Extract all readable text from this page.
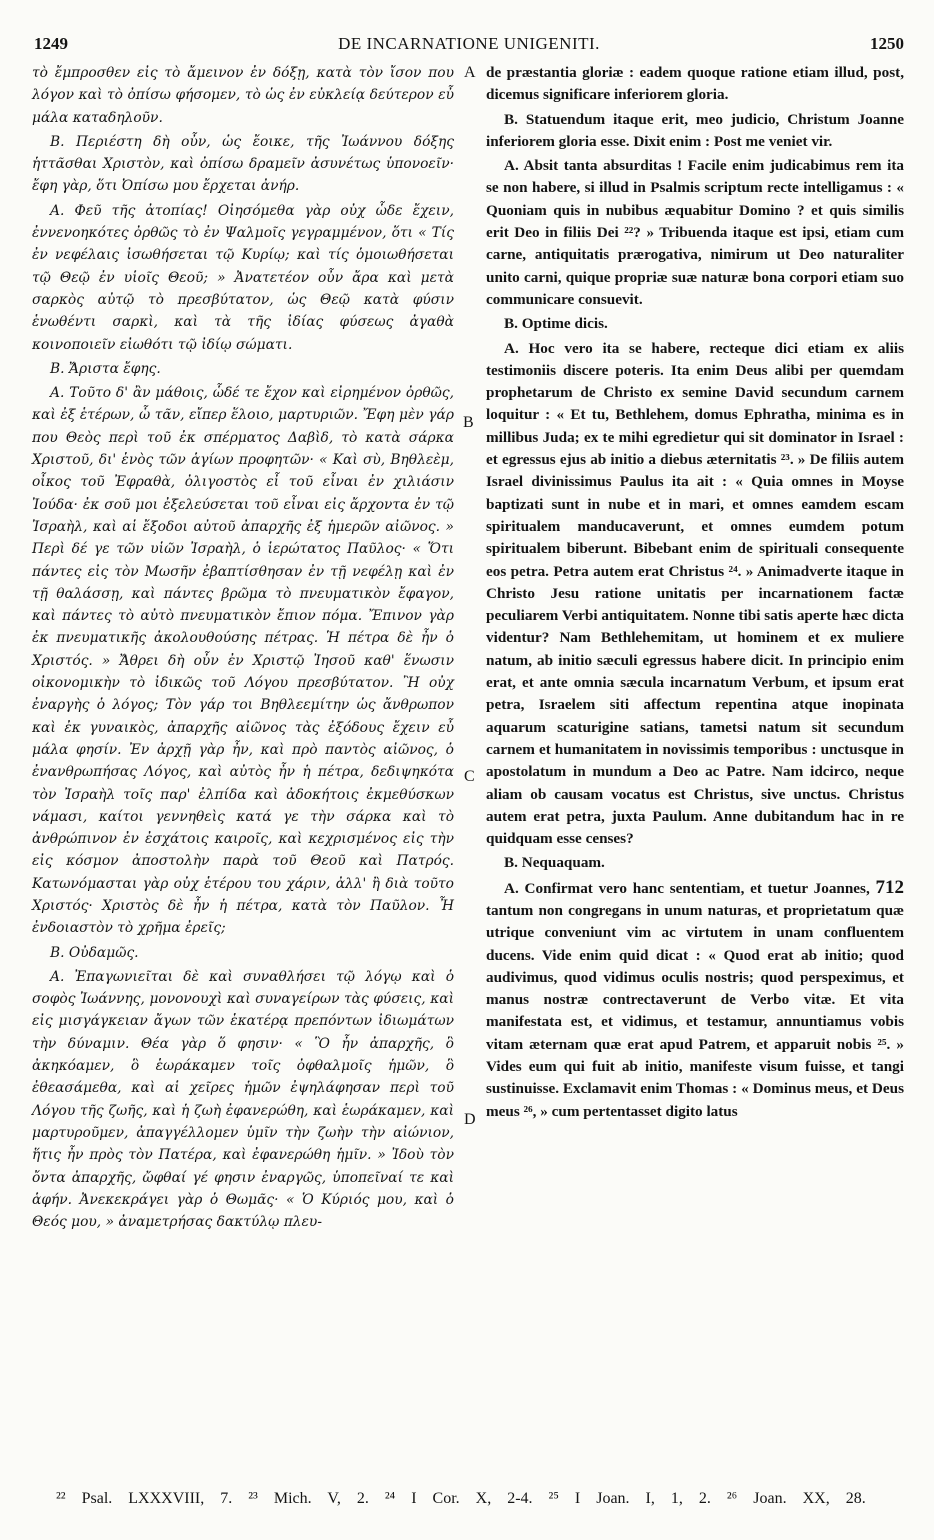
1249	DE INCARNATIONE UNIGENITI.	1250

τὸ ἔμπροσθεν εἰς τὸ ἄμεινον ἐν δόξῃ, κατὰ τὸν ἴσον που λόγον καὶ τὸ ὀπίσω φήσομεν, τὸ ὡς ἐν εὐκλείᾳ δεύτερον εὖ μάλα καταδηλοῦν.

Β. Περιέστη δὴ οὖν, ὡς ἔοικε, τῆς Ἰωάννου δόξης ἡττᾶσθαι Χριστὸν, καὶ ὀπίσω δραμεῖν ἀσυνέτως ὑπονοεῖν· ἔφη γὰρ, ὅτι Ὀπίσω μου ἔρχεται ἀνήρ.

Α. Φεῦ τῆς ἀτοπίας! Οἰησόμεθα γὰρ οὐχ ὧδε ἔχειν, ἐννενοηκότες ὀρθῶς τὸ ἐν Ψαλμοῖς γεγραμμένον, ὅτι « Τίς ἐν νεφέλαις ἰσωθήσεται τῷ Κυρίῳ; καὶ τίς ὁμοιωθήσεται τῷ Θεῷ ἐν υἱοῖς Θεοῦ; » Ἀνατετέον οὖν ἄρα καὶ μετὰ σαρκὸς αὐτῷ τὸ πρεσβύτατον, ὡς Θεῷ κατὰ φύσιν ἑνωθέντι σαρκὶ, καὶ τὰ τῆς ἰδίας φύσεως ἀγαθὰ κοινοποιεῖν εἰωθότι τῷ ἰδίῳ σώματι.

Β. Ἄριστα ἔφης.

Α. Τοῦτο δ' ἂν μάθοις, ὧδέ τε ἔχον καὶ εἰρημένον ὀρθῶς, καὶ ἐξ ἑτέρων, ὧ τᾶν, εἴπερ ἕλοιο, μαρτυριῶν. Ἔφη μὲν γάρ που Θεὸς περὶ τοῦ ἐκ σπέρματος Δαβὶδ, τὸ κατὰ σάρκα Χριστοῦ, δι' ἑνὸς τῶν ἁγίων προφητῶν· « Καὶ σὺ, Βηθλεὲμ, οἶκος τοῦ Ἐφραθὰ, ὀλιγοστὸς εἶ τοῦ εἶναι ἐν χιλιάσιν Ἰούδα· ἐκ σοῦ μοι ἐξελεύσεται τοῦ εἶναι εἰς ἄρχοντα ἐν τῷ Ἰσραὴλ, καὶ αἱ ἔξοδοι αὐτοῦ ἀπαρχῆς ἐξ ἡμερῶν αἰῶνος. » Περὶ δέ γε τῶν υἱῶν Ἰσραὴλ, ὁ ἱερώτατος Παῦλος· « Ὅτι πάντες εἰς τὸν Μωσῆν ἐβαπτίσθησαν ἐν τῇ νεφέλῃ καὶ ἐν τῇ θαλάσσῃ, καὶ πάντες βρῶμα τὸ πνευματικὸν ἔφαγον, καὶ πάντες τὸ αὐτὸ πνευματικὸν ἔπιον πόμα. Ἔπινον γὰρ ἐκ πνευματικῆς ἀκολουθούσης πέτρας. Ἡ πέτρα δὲ ἦν ὁ Χριστός. » Ἄθρει δὴ οὖν ἐν Χριστῷ Ἰησοῦ καθ' ἕνωσιν οἰκονομικὴν τὸ ἰδικῶς τοῦ Λόγου πρεσβύτατον. Ἢ οὐχ ἐναργὴς ὁ λόγος; Τὸν γάρ τοι Βηθλεεμίτην ὡς ἄνθρωπον καὶ ἐκ γυναικὸς, ἀπαρχῆς αἰῶνος τὰς ἐξόδους ἔχειν εὖ μάλα φησίν. Ἐν ἀρχῇ γὰρ ἦν, καὶ πρὸ παντὸς αἰῶνος, ὁ ἐνανθρωπήσας Λόγος, καὶ αὐτὸς ἦν ἡ πέτρα, δεδιψηκότα τὸν Ἰσραὴλ τοῖς παρ' ἐλπίδα καὶ ἀδοκήτοις ἐκμεθύσκων νάμασι, καίτοι γεννηθεὶς κατά γε τὴν σάρκα καὶ τὸ ἀνθρώπινον ἐν ἐσχάτοις καιροῖς, καὶ κεχρισμένος εἰς τὴν εἰς κόσμον ἀποστολὴν παρὰ τοῦ Θεοῦ καὶ Πατρός. Κατωνόμασται γὰρ οὐχ ἑτέρου του χάριν, ἀλλ' ἢ διὰ τοῦτο Χριστός· Χριστὸς δὲ ἦν ἡ πέτρα, κατὰ τὸν Παῦλον. Ἦ ἐνδοιαστὸν τὸ χρῆμα ἐρεῖς;

Β. Οὐδαμῶς.

Α. Ἐπαγωνιεῖται δὲ καὶ συναθλήσει τῷ λόγῳ καὶ ὁ σοφὸς Ἰωάννης, μονονουχὶ καὶ συναγείρων τὰς φύσεις, καὶ εἰς μισγάγκειαν ἄγων τῶν ἑκατέρᾳ πρεπόντων ἰδιωμάτων τὴν δύναμιν. Θέα γὰρ ὅ φησιν· « Ὃ ἦν ἀπαρχῆς, ὃ ἀκηκόαμεν, ὃ ἑωράκαμεν τοῖς ὀφθαλμοῖς ἡμῶν, ὃ ἐθεασάμεθα, καὶ αἱ χεῖρες ἡμῶν ἐψηλάφησαν περὶ τοῦ Λόγου τῆς ζωῆς, καὶ ἡ ζωὴ ἐφανερώθη, καὶ ἑωράκαμεν, καὶ μαρτυροῦμεν, ἀπαγγέλλομεν ὑμῖν τὴν ζωὴν τὴν αἰώνιον, ἥτις ἦν πρὸς τὸν Πατέρα, καὶ ἐφανερώθη ἡμῖν. » Ἰδοὺ τὸν ὄντα ἀπαρχῆς, ὤφθαί γέ φησιν ἐναργῶς, ὑποπεῖναί τε καὶ ἁφήν. Ἀνεκεκράγει γὰρ ὁ Θωμᾶς· « Ὁ Κύριός μου, καὶ ὁ Θεός μου, » ἀναμετρήσας δακτύλῳ πλευ-

A
B
C
D

de præstantia gloriæ : eadem quoque ratione etiam illud, post, dicemus significare inferiorem gloria.

B. Statuendum itaque erit, meo judicio, Christum Joanne inferiorem gloria esse. Dixit enim : Post me veniet vir.

A. Absit tanta absurditas ! Facile enim judicabimus rem ita se non habere, si illud in Psalmis scriptum recte intelligamus : « Quoniam quis in nubibus æquabitur Domino ? et quis similis erit Deo in filiis Dei ²²? » Tribuenda itaque est ipsi, etiam cum carne, antiquitatis prærogativa, nimirum ut Deo naturaliter unito carni, quique propriæ suæ naturæ bona corpori etiam suo communicare consuevit.

B. Optime dicis.

A. Hoc vero ita se habere, recteque dici etiam ex aliis testimoniis discere poteris. Ita enim Deus alibi per quemdam prophetarum de Christo ex semine David secundum carnem loquitur : « Et tu, Bethlehem, domus Ephratha, minima es in millibus Juda; ex te mihi egredietur qui sit dominator in Israel : et egressus ejus ab initio a diebus æternitatis ²³. » De filiis autem Israel divinissimus Paulus ita ait : « Quia omnes in Moyse baptizati sunt in nube et in mari, et omnes eamdem escam spiritualem manducaverunt, et omnes eumdem potum spiritualem biberunt. Bibebant enim de spirituali consequente eos petra. Petra autem erat Christus ²⁴. » Animadverte itaque in Christo Jesu ratione unitatis per incarnationem factæ peculiarem Verbi antiquitatem. Nonne tibi satis aperte hæc dicta videntur? Nam Bethlehemitam, ut hominem et ex muliere natum, ab initio sæculi egressus habere dicit. In principio enim erat, et ante omnia sæcula incarnatum Verbum, et ipsum erat petra, Israelem siti affectum repentina atque inopinata aquarum scaturigine satians, tametsi natum sit secundum carnem et humanitatem in novissimis temporibus : unctusque in apostolatum in mundum a Deo ac Patre. Nam idcirco, neque aliam ob causam vocatus est Christus, sive unctus. Christus autem erat petra, juxta Paulum. Anne dubitandum hac in re quidquam esse censes?

B. Nequaquam.

A. Confirmat vero hanc sententiam, et tuetur Joannes, 712 tantum non congregans in unum naturas, et proprietatum quæ utrique conveniunt vim ac virtutem in unam confluentem ducens. Vide enim quid dicat : « Quod erat ab initio; quod audivimus, quod vidimus oculis nostris; quod perspeximus, et manus nostræ contrectaverunt de Verbo vitæ. Et vita manifestata est, et vidimus, et testamur, annuntiamus vobis vitam æternam quæ erat apud Patrem, et apparuit nobis ²⁵. » Vides eum qui fuit ab initio, manifeste visum fuisse, et tangi sustinuisse. Exclamavit enim Thomas : « Dominus meus, et Deus meus ²⁶, » cum pertentasset digito latus

²² Psal. LXXXVIII, 7. ²³ Mich. V, 2. ²⁴ I Cor. X, 2-4. ²⁵ I Joan. I, 1, 2. ²⁶ Joan. XX, 28.
